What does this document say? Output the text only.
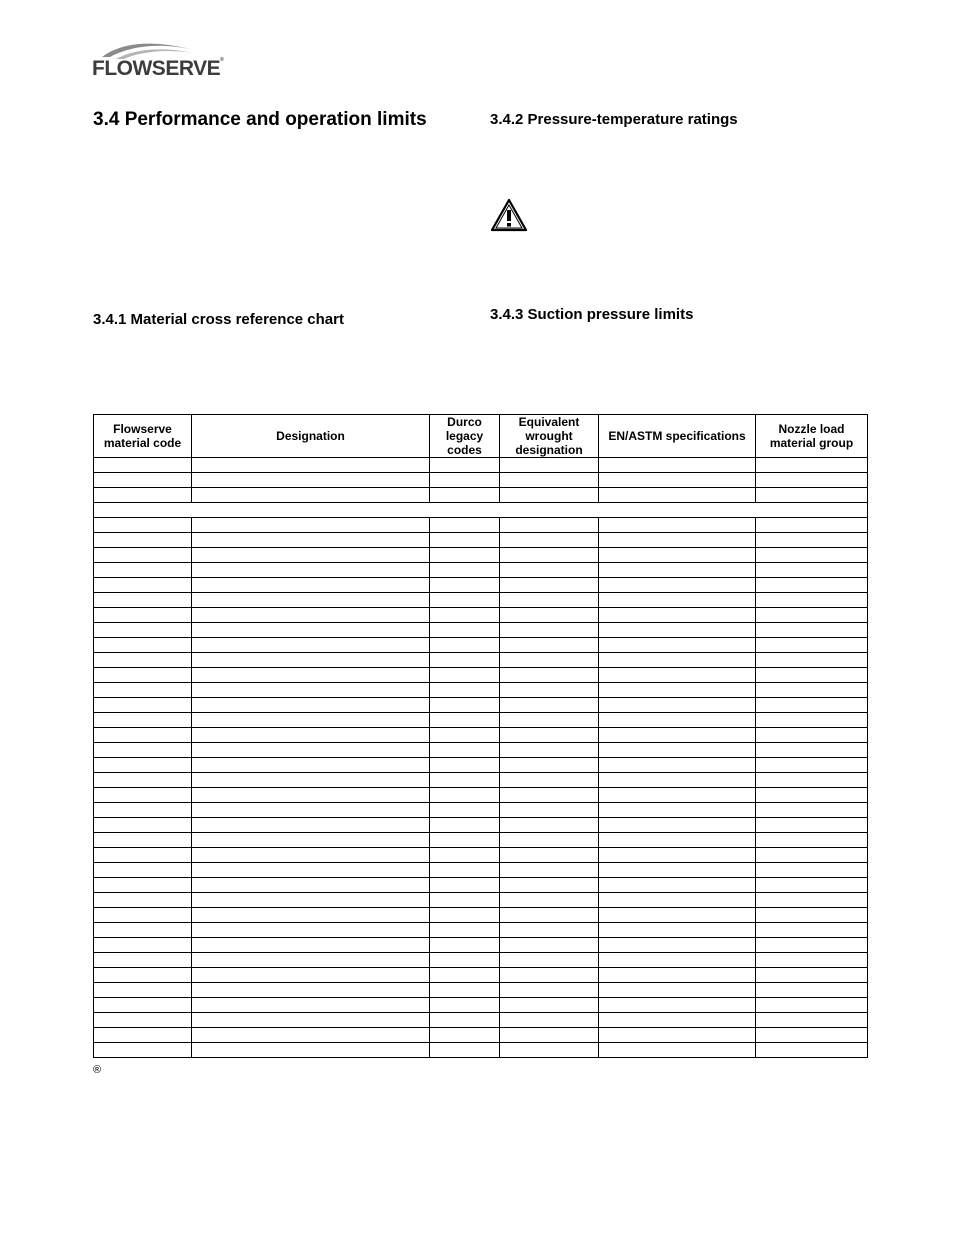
FLOWSERVE®
3.4 Performance and operation limits
3.4.1 Material cross reference chart
3.4.2 Pressure-temperature ratings
3.4.3 Suction pressure limits
Flowserve material code	Designation	Durco legacy codes	Equivalent wrought designation	EN/ASTM specifications	Nozzle load material group

®
